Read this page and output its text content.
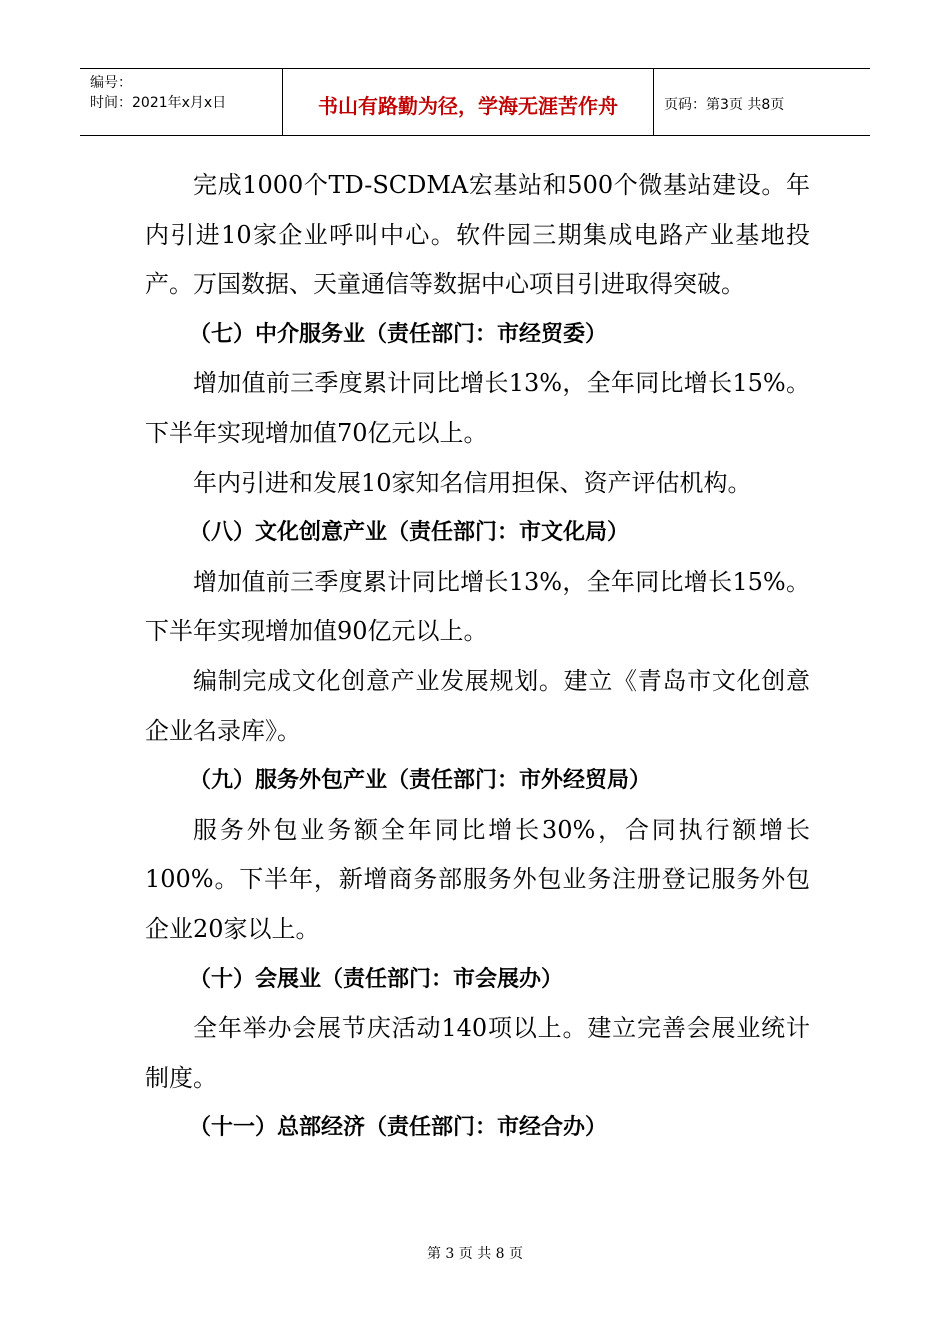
编号：
时间：2021年x月x日	书山有路勤为径，学海无涯苦作舟	页码：第3页 共8页

完成1000个TD-SCDMA宏基站和500个微基站建设。年内引进10家企业呼叫中心。软件园三期集成电路产业基地投产。万国数据、天童通信等数据中心项目引进取得突破。

（七）中介服务业（责任部门：市经贸委）

增加值前三季度累计同比增长13%，全年同比增长15%。下半年实现增加值70亿元以上。

年内引进和发展10家知名信用担保、资产评估机构。

（八）文化创意产业（责任部门：市文化局）

增加值前三季度累计同比增长13%，全年同比增长15%。下半年实现增加值90亿元以上。

编制完成文化创意产业发展规划。建立《青岛市文化创意企业名录库》。

（九）服务外包产业（责任部门：市外经贸局）

服务外包业务额全年同比增长30%，合同执行额增长100%。下半年，新增商务部服务外包业务注册登记服务外包企业20家以上。

（十）会展业（责任部门：市会展办）

全年举办会展节庆活动140项以上。建立完善会展业统计制度。

（十一）总部经济（责任部门：市经合办）

第 3 页 共 8 页
